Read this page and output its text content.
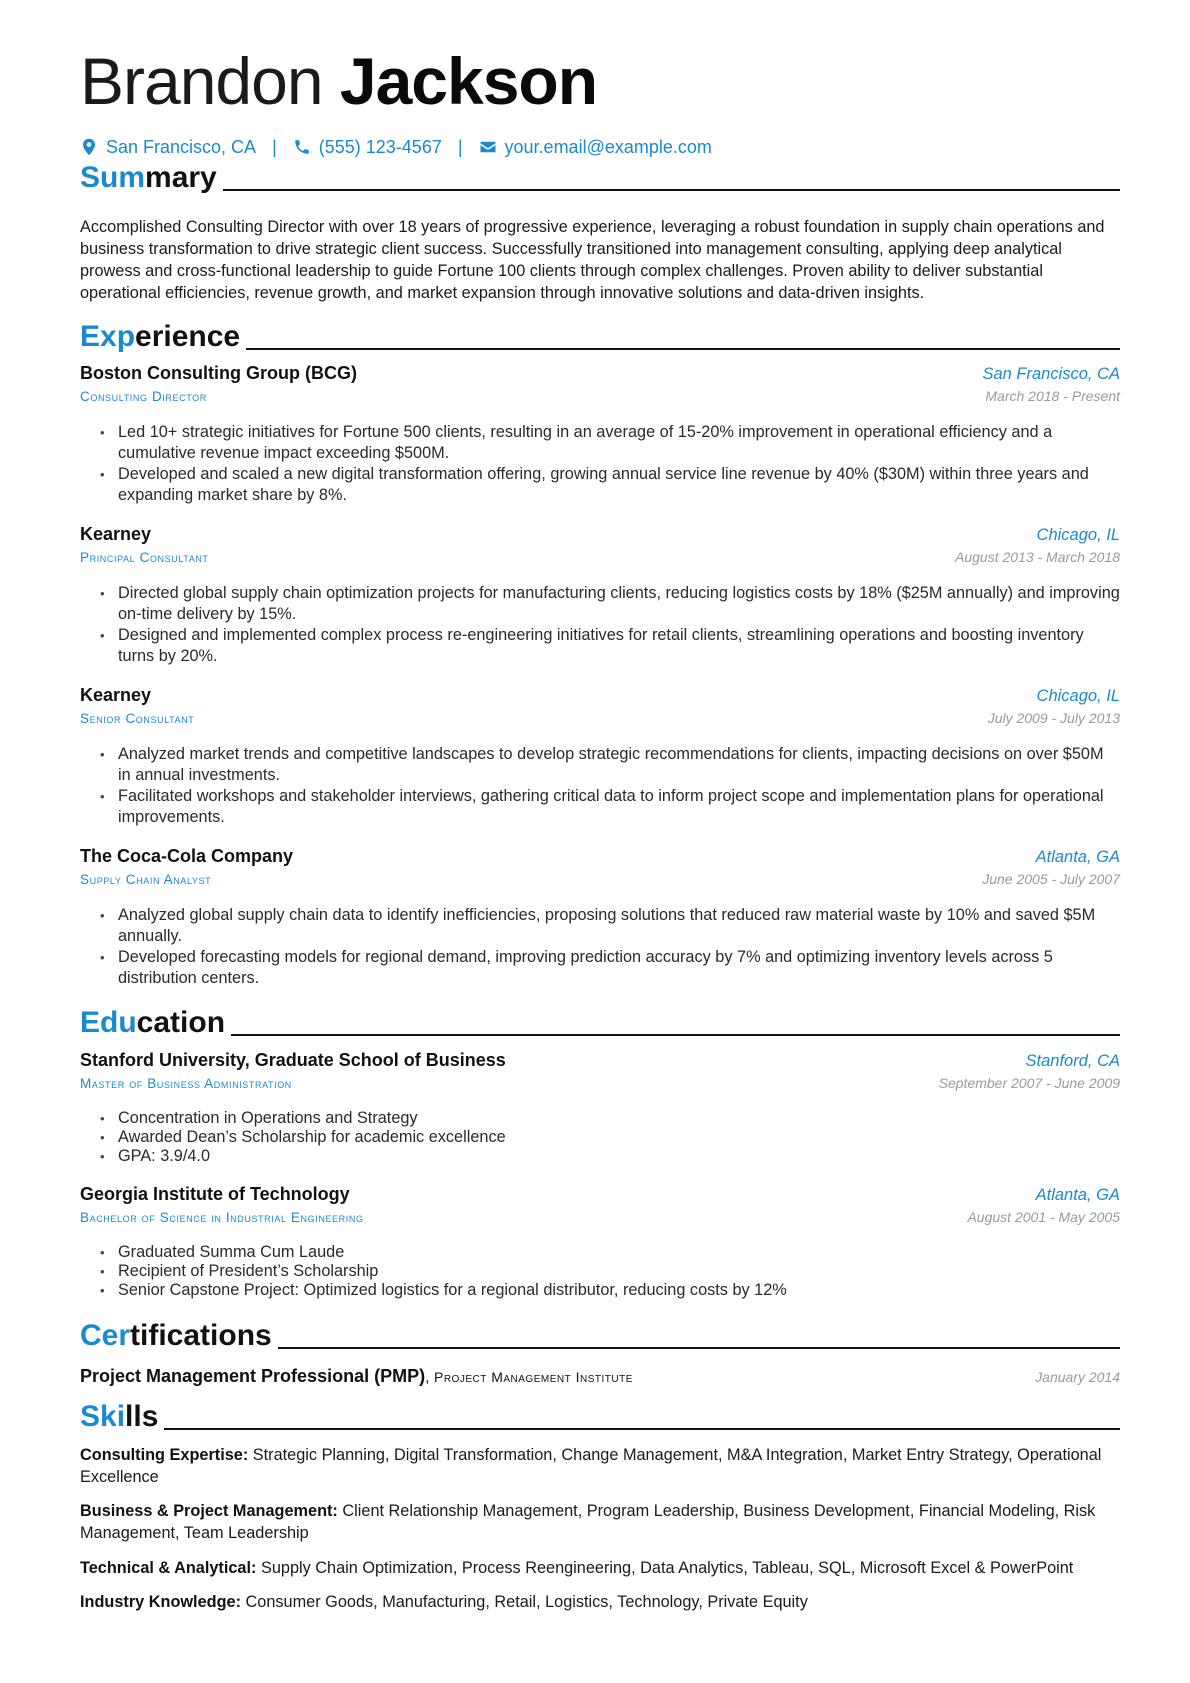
Brandon Jackson
San Francisco, CA | (555) 123-4567 | your.email@example.com
Summary
Accomplished Consulting Director with over 18 years of progressive experience, leveraging a robust foundation in supply chain operations and business transformation to drive strategic client success. Successfully transitioned into management consulting, applying deep analytical prowess and cross-functional leadership to guide Fortune 100 clients through complex challenges. Proven ability to deliver substantial operational efficiencies, revenue growth, and market expansion through innovative solutions and data-driven insights.
Experience
Boston Consulting Group (BCG)	San Francisco, CA
Consulting Director	March 2018 - Present
• Led 10+ strategic initiatives for Fortune 500 clients, resulting in an average of 15-20% improvement in operational efficiency and a cumulative revenue impact exceeding $500M.
• Developed and scaled a new digital transformation offering, growing annual service line revenue by 40% ($30M) within three years and expanding market share by 8%.
Kearney	Chicago, IL
Principal Consultant	August 2013 - March 2018
• Directed global supply chain optimization projects for manufacturing clients, reducing logistics costs by 18% ($25M annually) and improving on-time delivery by 15%.
• Designed and implemented complex process re-engineering initiatives for retail clients, streamlining operations and boosting inventory turns by 20%.
Kearney	Chicago, IL
Senior Consultant	July 2009 - July 2013
• Analyzed market trends and competitive landscapes to develop strategic recommendations for clients, impacting decisions on over $50M in annual investments.
• Facilitated workshops and stakeholder interviews, gathering critical data to inform project scope and implementation plans for operational improvements.
The Coca-Cola Company	Atlanta, GA
Supply Chain Analyst	June 2005 - July 2007
• Analyzed global supply chain data to identify inefficiencies, proposing solutions that reduced raw material waste by 10% and saved $5M annually.
• Developed forecasting models for regional demand, improving prediction accuracy by 7% and optimizing inventory levels across 5 distribution centers.
Education
Stanford University, Graduate School of Business	Stanford, CA
Master of Business Administration	September 2007 - June 2009
• Concentration in Operations and Strategy
• Awarded Dean’s Scholarship for academic excellence
• GPA: 3.9/4.0
Georgia Institute of Technology	Atlanta, GA
Bachelor of Science in Industrial Engineering	August 2001 - May 2005
• Graduated Summa Cum Laude
• Recipient of President’s Scholarship
• Senior Capstone Project: Optimized logistics for a regional distributor, reducing costs by 12%
Certifications
Project Management Professional (PMP), Project Management Institute	January 2014
Skills
Consulting Expertise: Strategic Planning, Digital Transformation, Change Management, M&A Integration, Market Entry Strategy, Operational Excellence
Business & Project Management: Client Relationship Management, Program Leadership, Business Development, Financial Modeling, Risk Management, Team Leadership
Technical & Analytical: Supply Chain Optimization, Process Reengineering, Data Analytics, Tableau, SQL, Microsoft Excel & PowerPoint
Industry Knowledge: Consumer Goods, Manufacturing, Retail, Logistics, Technology, Private Equity
